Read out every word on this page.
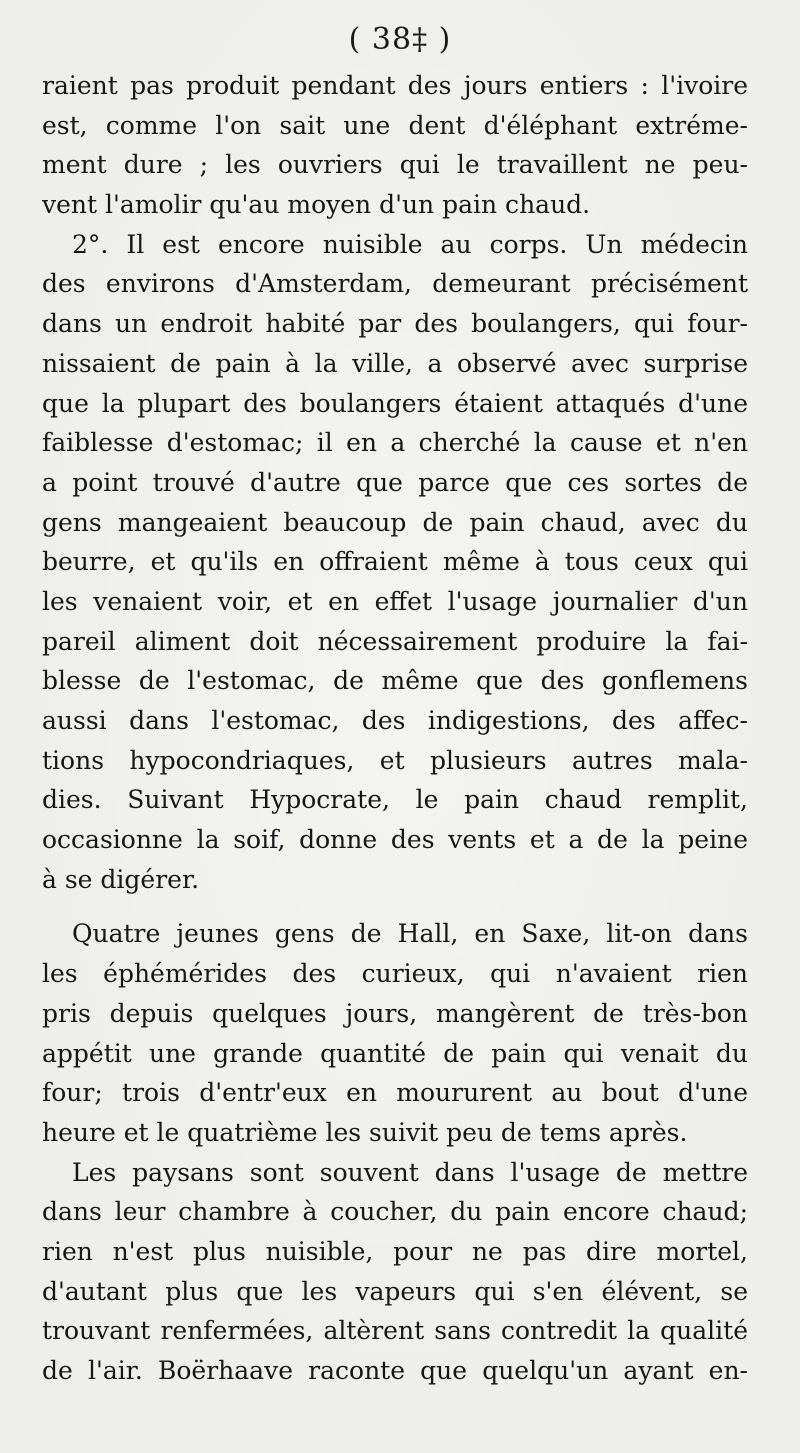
( 38‡ )
raient pas produit pendant des jours entiers : l'ivoire
est, comme l'on sait une dent d'éléphant extréme-
ment dure ; les ouvriers qui le travaillent ne peu-
vent l'amolir qu'au moyen d'un pain chaud.
2°. Il est encore nuisible au corps. Un médecin
des environs d'Amsterdam, demeurant précisément
dans un endroit habité par des boulangers, qui four-
nissaient de pain à la ville, a observé avec surprise
que la plupart des boulangers étaient attaqués d'une
faiblesse d'estomac; il en a cherché la cause et n'en
a point trouvé d'autre que parce que ces sortes de
gens mangeaient beaucoup de pain chaud, avec du
beurre, et qu'ils en offraient même à tous ceux qui
les venaient voir, et en effet l'usage journalier d'un
pareil aliment doit nécessairement produire la fai-
blesse de l'estomac, de même que des gonflemens
aussi dans l'estomac, des indigestions, des affec-
tions hypocondriaques, et plusieurs autres mala-
dies. Suivant Hypocrate, le pain chaud remplit,
occasionne la soif, donne des vents et a de la peine
à se digérer.
Quatre jeunes gens de Hall, en Saxe, lit-on dans
les éphémérides des curieux, qui n'avaient rien
pris depuis quelques jours, mangèrent de très-bon
appétit une grande quantité de pain qui venait du
four; trois d'entr'eux en moururent au bout d'une
heure et le quatrième les suivit peu de tems après.
Les paysans sont souvent dans l'usage de mettre
dans leur chambre à coucher, du pain encore chaud;
rien n'est plus nuisible, pour ne pas dire mortel,
d'autant plus que les vapeurs qui s'en élévent, se
trouvant renfermées, altèrent sans contredit la qualité
de l'air. Boërhaave raconte que quelqu'un ayant en-
